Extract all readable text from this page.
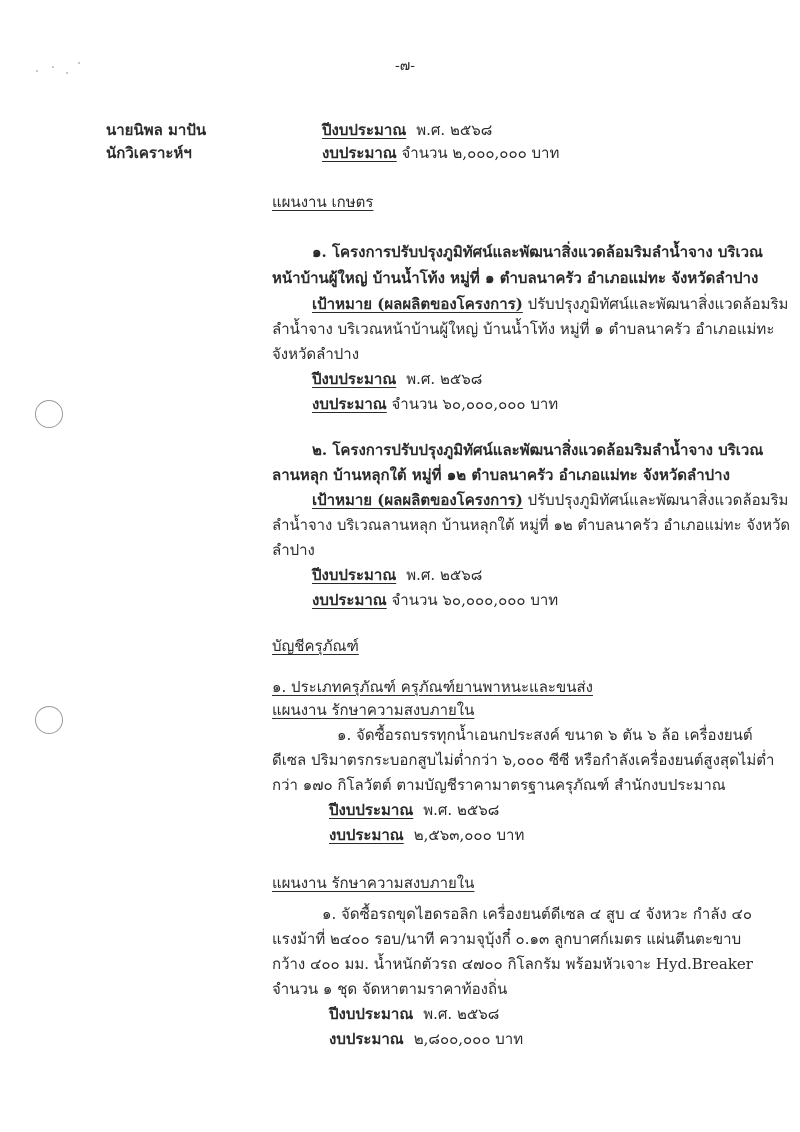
-๗-
นายนิพล มาปัน
นักวิเคราะห์ฯ
ปีงบประมาณ พ.ศ. ๒๕๖๘
งบประมาณ จำนวน ๒,๐๐๐,๐๐๐ บาท
แผนงาน เกษตร
๑. โครงการปรับปรุงภูมิทัศน์และพัฒนาสิ่งแวดล้อมริมลำน้ำจาง บริเวณ
หน้าบ้านผู้ใหญ่ บ้านน้ำโท้ง หมู่ที่ ๑ ตำบลนาครัว อำเภอแม่ทะ จังหวัดลำปาง
เป้าหมาย (ผลผลิตของโครงการ) ปรับปรุงภูมิทัศน์และพัฒนาสิ่งแวดล้อมริม
ลำน้ำจาง บริเวณหน้าบ้านผู้ใหญ่ บ้านน้ำโท้ง หมู่ที่ ๑ ตำบลนาครัว อำเภอแม่ทะ
จังหวัดลำปาง
ปีงบประมาณ พ.ศ. ๒๕๖๘
งบประมาณ จำนวน ๖๐,๐๐๐,๐๐๐ บาท
๒. โครงการปรับปรุงภูมิทัศน์และพัฒนาสิ่งแวดล้อมริมลำน้ำจาง บริเวณ
ลานหลุก บ้านหลุกใต้ หมู่ที่ ๑๒ ตำบลนาครัว อำเภอแม่ทะ จังหวัดลำปาง
เป้าหมาย (ผลผลิตของโครงการ) ปรับปรุงภูมิทัศน์และพัฒนาสิ่งแวดล้อมริม
ลำน้ำจาง บริเวณลานหลุก บ้านหลุกใต้ หมู่ที่ ๑๒ ตำบลนาครัว อำเภอแม่ทะ จังหวัด
ลำปาง
ปีงบประมาณ พ.ศ. ๒๕๖๘
งบประมาณ จำนวน ๖๐,๐๐๐,๐๐๐ บาท
บัญชีครุภัณฑ์
๑. ประเภทครุภัณฑ์ ครุภัณฑ์ยานพาหนะและขนส่ง
แผนงาน รักษาความสงบภายใน
๑. จัดซื้อรถบรรทุกน้ำเอนกประสงค์ ขนาด ๖ ตัน ๖ ล้อ เครื่องยนต์
ดีเซล ปริมาตรกระบอกสูบไม่ต่ำกว่า ๖,๐๐๐ ซีซี หรือกำลังเครื่องยนต์สูงสุดไม่ต่ำ
กว่า ๑๗๐ กิโลวัตต์ ตามบัญชีราคามาตรฐานครุภัณฑ์ สำนักงบประมาณ
ปีงบประมาณ พ.ศ. ๒๕๖๘
งบประมาณ ๒,๕๖๓,๐๐๐ บาท
แผนงาน รักษาความสงบภายใน
๑. จัดซื้อรถขุดไฮดรอลิก เครื่องยนต์ดีเซล ๔ สูบ ๔ จังหวะ กำลัง ๔๐
แรงม้าที่ ๒๔๐๐ รอบ/นาที ความจุบุ้งกี๋ ๐.๑๓ ลูกบาศก์เมตร แผ่นตีนตะขาบ
กว้าง ๔๐๐ มม. น้ำหนักตัวรถ ๔๗๐๐ กิโลกรัม พร้อมหัวเจาะ Hyd.Breaker
จำนวน ๑ ชุด จัดหาตามราคาท้องถิ่น
ปีงบประมาณ พ.ศ. ๒๕๖๘
งบประมาณ ๒,๘๐๐,๐๐๐ บาท
